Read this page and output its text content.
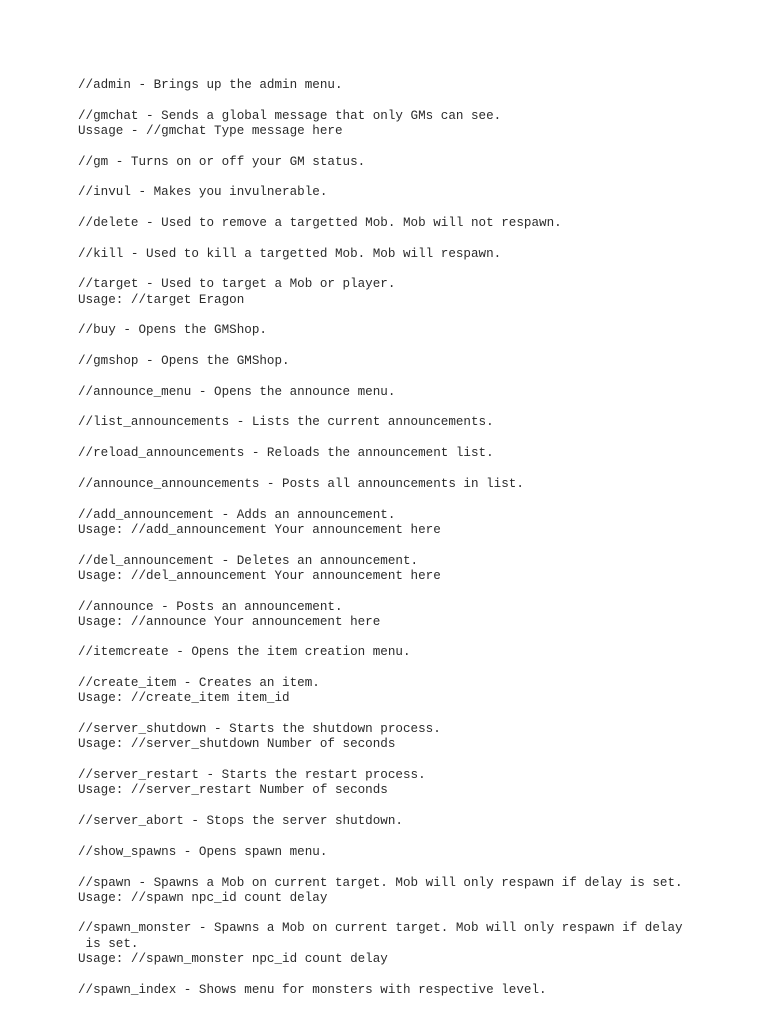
//admin - Brings up the admin menu.
//gmchat - Sends a global message that only GMs can see.
Ussage - //gmchat Type message here
//gm - Turns on or off your GM status.
//invul - Makes you invulnerable.
//delete - Used to remove a targetted Mob. Mob will not respawn.
//kill - Used to kill a targetted Mob. Mob will respawn.
//target - Used to target a Mob or player.
Usage: //target Eragon
//buy - Opens the GMShop.
//gmshop - Opens the GMShop.
//announce_menu - Opens the announce menu.
//list_announcements - Lists the current announcements.
//reload_announcements - Reloads the announcement list.
//announce_announcements - Posts all announcements in list.
//add_announcement - Adds an announcement.
Usage: //add_announcement Your announcement here
//del_announcement - Deletes an announcement.
Usage: //del_announcement Your announcement here
//announce - Posts an announcement.
Usage: //announce Your announcement here
//itemcreate - Opens the item creation menu.
//create_item - Creates an item.
Usage: //create_item item_id
//server_shutdown - Starts the shutdown process.
Usage: //server_shutdown Number of seconds
//server_restart - Starts the restart process.
Usage: //server_restart Number of seconds
//server_abort - Stops the server shutdown.
//show_spawns - Opens spawn menu.
//spawn - Spawns a Mob on current target. Mob will only respawn if delay is set.
Usage: //spawn npc_id count delay
//spawn_monster - Spawns a Mob on current target. Mob will only respawn if delay
is set.
Usage: //spawn_monster npc_id count delay
//spawn_index - Shows menu for monsters with respective level.
